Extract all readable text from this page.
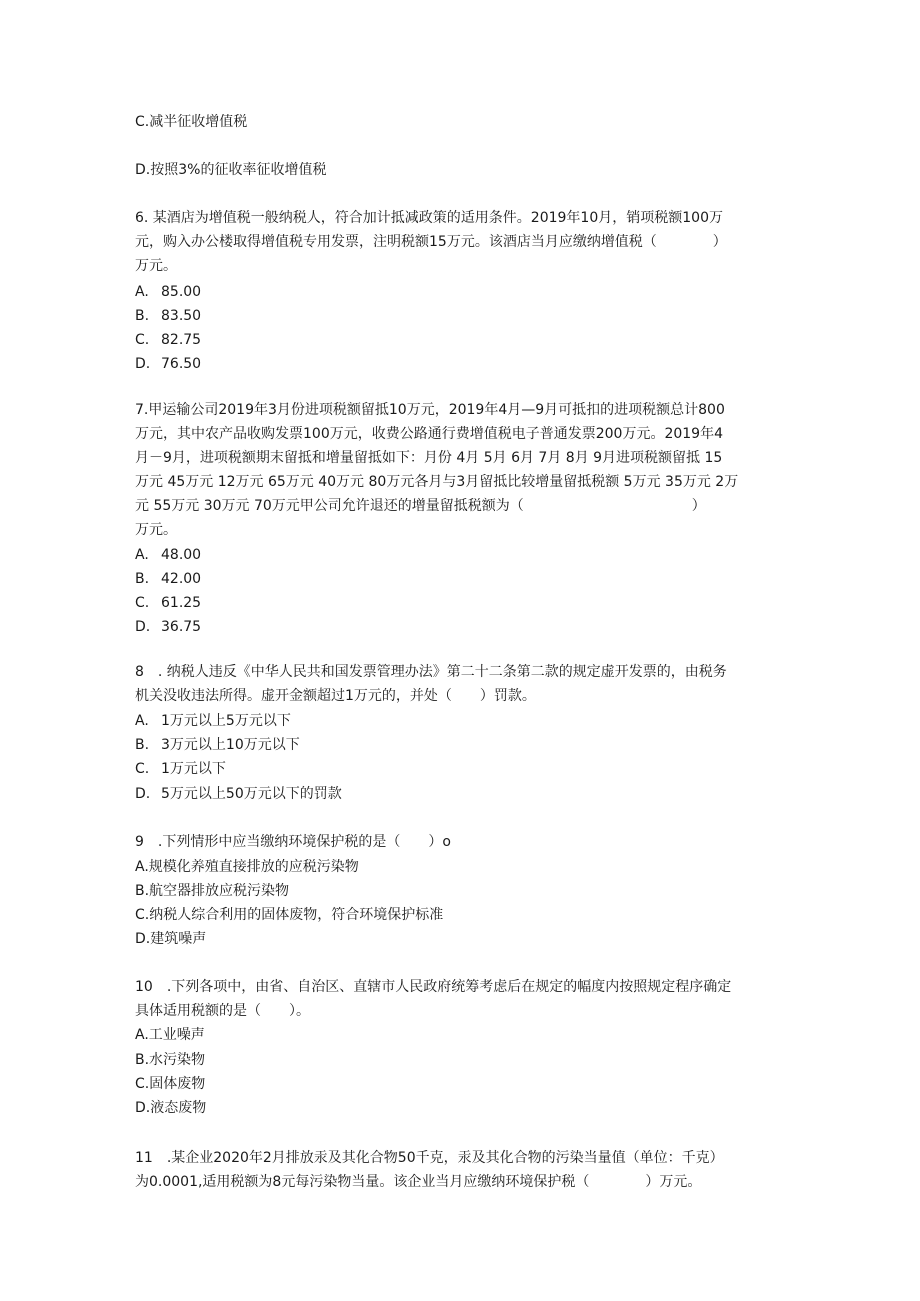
C.减半征收增值税
D.按照3%的征收率征收增值税
6. 某酒店为增值税一般纳税人，符合加计抵减政策的适用条件。2019年10月，销项税额100万
元，购入办公楼取得增值税专用发票，注明税额15万元。该酒店当月应缴纳增值税（　　　　）
万元。
A. 85.00
B. 83.50
C. 82.75
D. 76.50
7.甲运输公司2019年3月份进项税额留抵10万元，2019年4月—9月可抵扣的进项税额总计800
万元，其中农产品收购发票100万元，收费公路通行费增值税电子普通发票200万元。2019年4
月－9月，进项税额期末留抵和增量留抵如下：月份 4月 5月 6月 7月 8月 9月进项税额留抵 15
万元 45万元 12万元 65万元 40万元 80万元各月与3月留抵比较增量留抵税额 5万元 35万元 2万
元 55万元 30万元 70万元甲公司允许退还的增量留抵税额为（　　　　　　　　　　　　）
万元。
A. 48.00
B. 42.00
C. 61.25
D. 36.75
8　. 纳税人违反《中华人民共和国发票管理办法》第二十二条第二款的规定虚开发票的，由税务
机关没收违法所得。虚开金额超过1万元的，并处（　　）罚款。
A. 1万元以上5万元以下
B. 3万元以上10万元以下
C. 1万元以下
D. 5万元以上50万元以下的罚款
9　.下列情形中应当缴纳环境保护税的是（　　）o
A.规模化养殖直接排放的应税污染物
B.航空器排放应税污染物
C.纳税人综合利用的固体废物，符合环境保护标准
D.建筑噪声
10　.下列各项中，由省、自治区、直辖市人民政府统筹考虑后在规定的幅度内按照规定程序确定
具体适用税额的是（　　）。
A.工业噪声
B.水污染物
C.固体废物
D.液态废物
11　.某企业2020年2月排放汞及其化合物50千克，汞及其化合物的污染当量值（单位：千克）
为0.0001,适用税额为8元每污染物当量。该企业当月应缴纳环境保护税（　　　　）万元。
